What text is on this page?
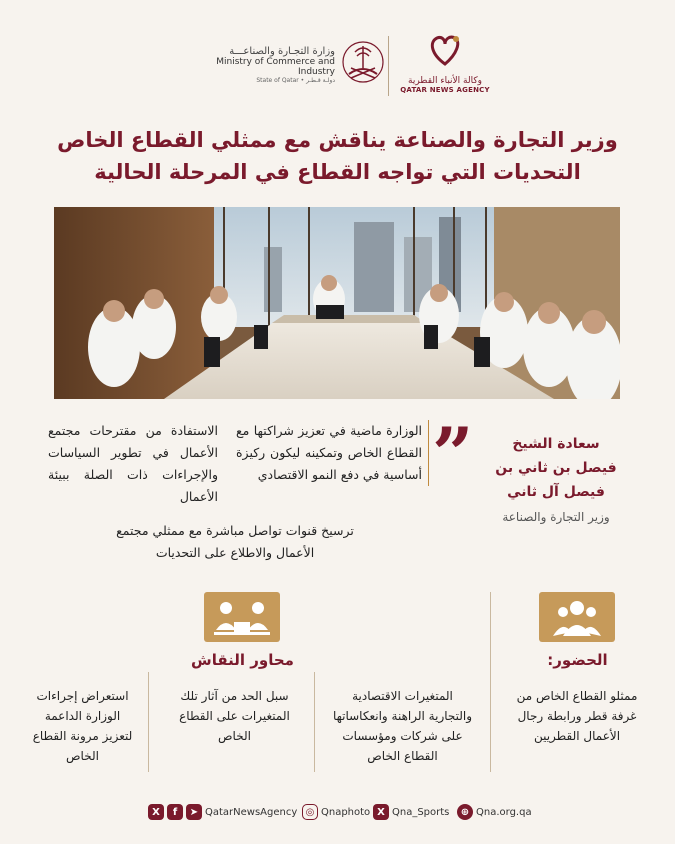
وكالة الأنباء القطرية
QATAR NEWS AGENCY
وزارة التجـارة والصناعـــة
Ministry of Commerce and Industry
State of Qatar • دولـة قـطـر
وزير التجارة والصناعة يناقش مع ممثلي القطاع الخاص
التحديات التي تواجه القطاع في المرحلة الحالية
”	سعادة الشيخ
فيصل بن ثاني بن
فيصل آل ثاني
وزير التجارة والصناعة
الوزارة ماضية في تعزيز شراكتها مع القطاع الخاص وتمكينه ليكون ركيزة أساسية في دفع النمو الاقتصادي
الاستفادة من مقترحات مجتمع الأعمال في تطوير السياسات والإجراءات ذات الصلة ببيئة الأعمال
ترسيخ قنوات تواصل مباشرة مع ممثلي مجتمع الأعمال والاطلاع على التحديات
الحضور:
ممثلو القطاع الخاص من غرفة قطر ورابطة رجال الأعمال القطريين
محاور النقاش
المتغيرات الاقتصادية والتجارية الراهنة وانعكاساتها على شركات ومؤسسات القطاع الخاص
سبل الحد من آثار تلك المتغيرات على القطاع الخاص
استعراض إجراءات الوزارة الداعمة لتعزيز مرونة القطاع الخاص
X	f	➤ QatarNewsAgency ◎ Qnaphoto X Qna_Sports	⊕ Qna.org.qa
